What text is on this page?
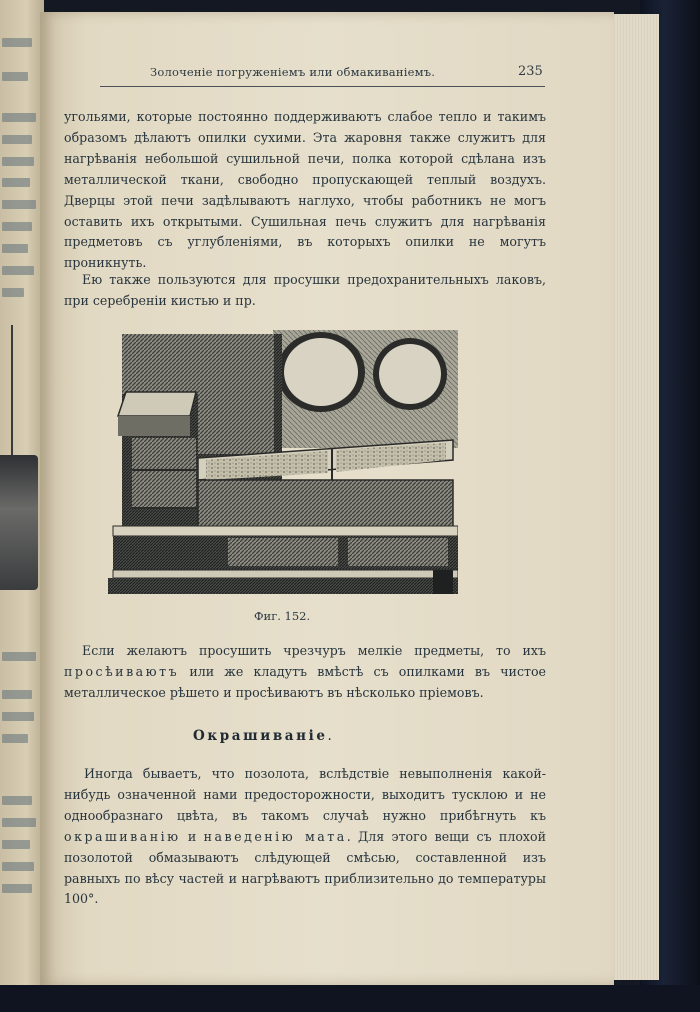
Золоченіе погруженіемъ или обмакиваніемъ.	235
угольями, которые постоянно поддерживаютъ слабое тепло и такимъ образомъ дѣлаютъ опилки сухими. Эта жаровня также служитъ для нагрѣванія небольшой сушильной печи, полка которой сдѣлана изъ металлической ткани, свободно пропускающей теплый воздухъ. Дверцы этой печи задѣлываютъ наглухо, чтобы работникъ не могъ оставить ихъ открытыми. Сушильная печь служитъ для нагрѣванія предметовъ съ углубленіями, въ которыхъ опилки не могутъ проникнуть.
Ею также пользуются для просушки предохранительныхъ лаковъ, при серебреніи кистью и пр.
Фиг. 152.
Если желаютъ просушить чрезчуръ мелкіе предметы, то ихъ просѣиваютъ или же кладутъ вмѣстѣ съ опилками въ чистое металлическое рѣшето и просѣиваютъ въ нѣсколько пріемовъ.
Окрашиваніе.
Иногда бываетъ, что позолота, вслѣдствіе невыполненія какой-нибудь означенной нами предосторожности, выходитъ тусклою и не однообразнаго цвѣта, въ такомъ случаѣ нужно прибѣгнуть къ окрашиванію и наведенію мата. Для этого вещи съ плохой позолотой обмазываютъ слѣдующей смѣсью, составленной изъ равныхъ по вѣсу частей и нагрѣваютъ приблизительно до температуры 100°.
